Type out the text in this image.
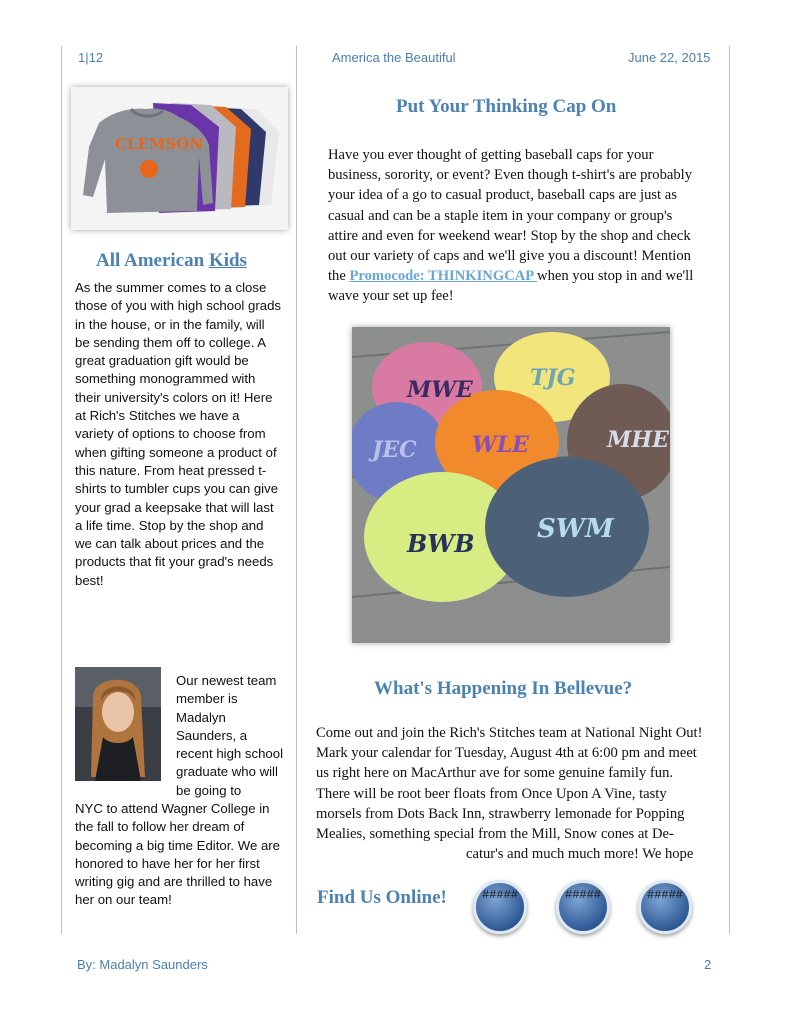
1|12	America the Beautiful	June 22, 2015
CLEMSON
All American Kids
As the summer comes to a close those of you with high school grads in the house, or in the family, will be sending them off to college. A great graduation gift would be something monogrammed with their university's colors on it! Here at Rich's Stitches we have a variety of options to choose from when gifting someone a product of this nature. From heat pressed t-shirts to tumbler cups you can give your grad a keepsake that will last a life time. Stop by the shop and we can talk about prices and the products that fit your grad's needs best!
Our newest team member is Madalyn Saunders, a recent high school graduate who will be going to
NYC to attend Wagner College in the fall to follow her dream of becoming a big time Editor. We are honored to have her for her first writing gig and are thrilled to have her on our team!
Put Your Thinking Cap On
Have you ever thought of getting baseball caps for your business, sorority, or event? Even though t-shirt's are probably your idea of a go to casual product, baseball caps are just as casual and can be a staple item in your company or group's attire and even for weekend wear! Stop by the shop and check out our variety of caps and we'll give you a discount! Mention the Promocode: THINKINGCAP when you stop in and we'll wave your set up fee!
MWE	TJG
JEC	WLE	MHE
BWB SWM
What's Happening In Bellevue?
Come out and join the Rich's Stitches team at National Night Out! Mark your calendar for Tuesday, August 4th at 6:00 pm and meet us right here on MacArthur ave for some genuine family fun. There will be root beer floats from Once Upon A Vine, tasty morsels from Dots Back Inn, strawberry lemonade for Popping Mealies, something special from the Mill, Snow cones at De-
catur's and much much more! We hope
Find Us Online!	#####	#####	#####
By: Madalyn Saunders	2
